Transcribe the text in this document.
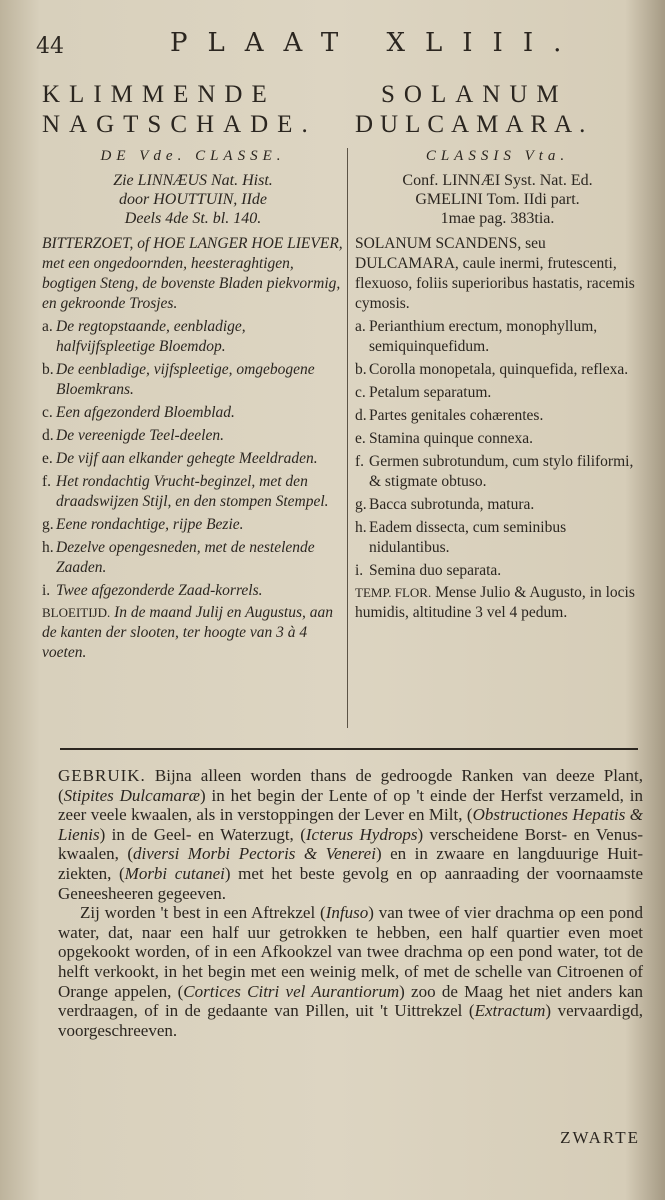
44	PLAAT XLIII.
KLIMMENDE
NAGTSCHADE.
DE Vde. CLASSE.
Zie LINNÆUS Nat. Hist.
door HOUTTUIN, IIde
Deels 4de St. bl. 140.
BITTERZOET, of HOE LANGER HOE LIEVER, met een ongedoornden, heesteraghtigen, bogtigen Steng, de bovenste Bladen piekvormig, en gekroonde Trosjes.
a. De regtopstaande, eenbladige, halfvijfspleetige Bloemdop.
b. De eenbladige, vijfspleetige, omgebogene Bloemkrans.
c. Een afgezonderd Bloemblad.
d. De vereenigde Teel-deelen.
e. De vijf aan elkander gehegte Meeldraden.
f. Het rondachtig Vrucht-beginzel, met den draadswijzen Stijl, en den stompen Stempel.
g. Eene rondachtige, rijpe Bezie.
h. Dezelve opengesneden, met de nestelende Zaaden.
i. Twee afgezonderde Zaad-korrels.
BLOEITIJD. In de maand Julij en Augustus, aan de kanten der slooten, ter hoogte van 3 à 4 voeten.
SOLANUM
DULCAMARA.
CLASSIS Vta.
Conf. LINNÆI Syst. Nat. Ed.
GMELINI Tom. IIdi part.
1mae pag. 383tia.
SOLANUM SCANDENS, seu DULCAMARA, caule inermi, frutescenti, flexuoso, foliis superioribus hastatis, racemis cymosis.
a. Perianthium erectum, monophyllum, semiquinquefidum.
b. Corolla monopetala, quinquefida, reflexa.
c. Petalum separatum.
d. Partes genitales cohærentes.
e. Stamina quinque connexa.
f. Germen subrotundum, cum stylo filiformi, & stigmate obtuso.
g. Bacca subrotunda, matura.
h. Eadem dissecta, cum seminibus nidulantibus.
i. Semina duo separata.
TEMP. FLOR. Mense Julio & Augusto, in locis humidis, altitudine 3 vel 4 pedum.

GEBRUIK. Bijna alleen worden thans de gedroogde Ranken van deeze Plant, (Stipites Dulcamaræ) in het begin der Lente of op 't einde der Herfst verzameld, in zeer veele kwaalen, als in verstoppingen der Lever en Milt, (Obstructiones Hepatis & Lienis) in de Geel- en Waterzugt, (Icterus Hydrops) verscheidene Borst- en Venus-kwaalen, (diversi Morbi Pectoris & Venerei) en in zwaare en langduurige Huit-ziekten, (Morbi cutanei) met het beste gevolg en op aanraading der voornaamste Geneesheeren gegeeven.

Zij worden 't best in een Aftrekzel (Infuso) van twee of vier drachma op een pond water, dat, naar een half uur getrokken te hebben, een half quartier even moet opgekookt worden, of in een Afkookzel van twee drachma op een pond water, tot de helft verkookt, in het begin met een weinig melk, of met de schelle van Citroenen of Orange appelen, (Cortices Citri vel Aurantiorum) zoo de Maag het niet anders kan verdraagen, of in de gedaante van Pillen, uit 't Uittrekzel (Extractum) vervaardigd, voorgeschreeven.

ZWARTE
